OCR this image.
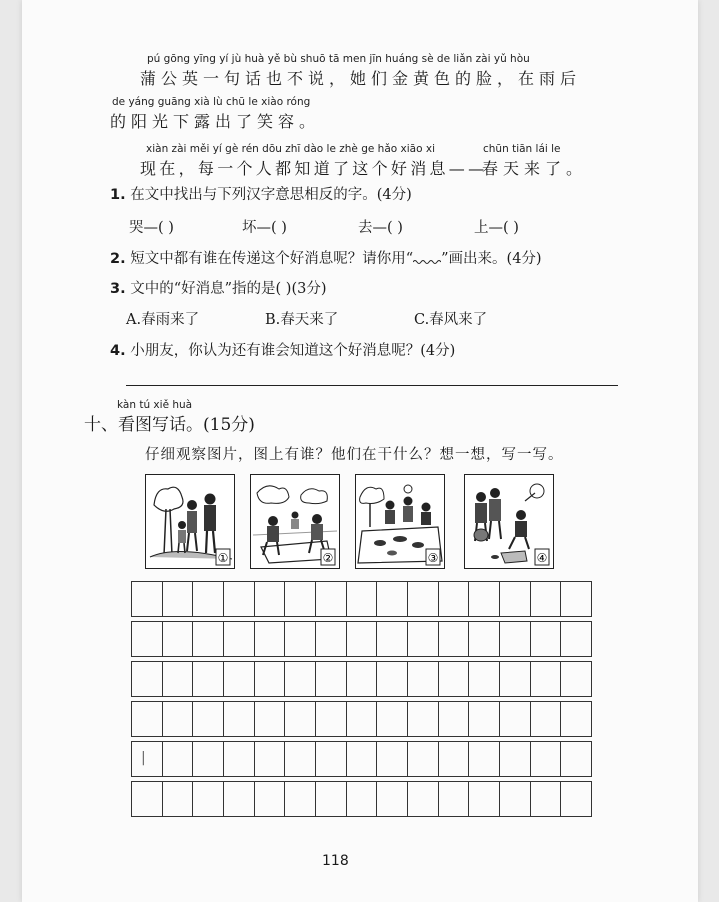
pú gōng yīng yí jù huà yě bù shuō tā men jīn huáng sè de liǎn zài yǔ hòu
蒲公英一句话也不说，她们金黄色的脸，在雨后
de yáng guāng xià lù chū le xiào róng
的阳光下露出了笑容。
xiàn zài měi yí gè rén dōu zhī dào le zhè ge hǎo xiāo xi	chūn tiān lái le
现在，每一个人都知道了这个好消息——
春天来了。
1. 在文中找出与下列汉字意思相反的字。(4分)
哭—( )	坏—( )	去—( )	上—( )
2. 短文中都有谁在传递这个好消息呢？请你用“ ”画出来。(4分)
3. 文中的“好消息”指的是( )(3分)
A.春雨来了	B.春天来了	C.春风来了
4. 小朋友，你认为还有谁会知道这个好消息呢？(4分)
kàn tú xiě huà
十、看图写话。(15分)
仔细观察图片，图上有谁？他们在干什么？想一想，写一写。
①	②	③	④
|
118
